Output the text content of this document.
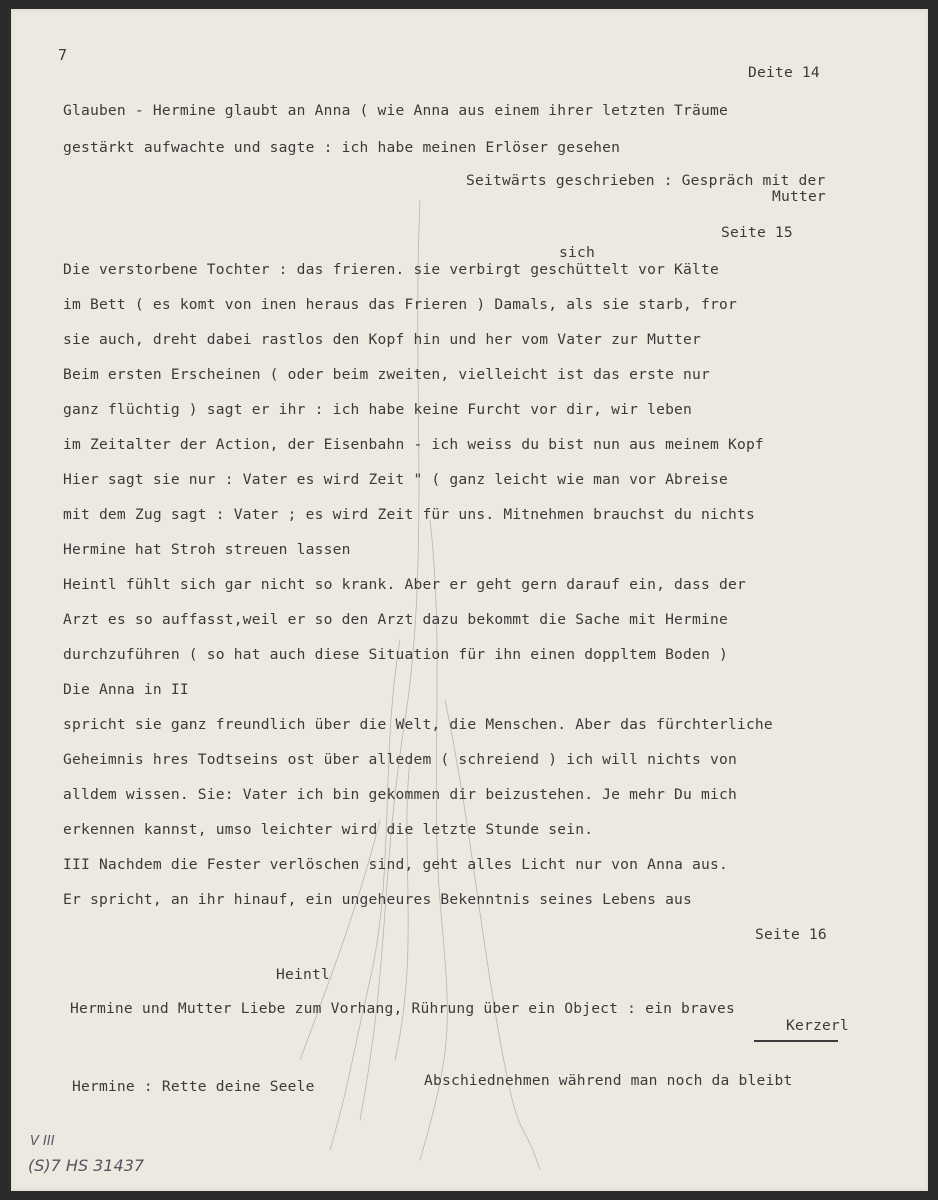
7
Deite 14
Glauben - Hermine glaubt an Anna ( wie Anna aus einem ihrer letzten Träume
gestärkt aufwachte und sagte : ich habe meinen Erlöser gesehen
Seitwärts geschrieben : Gespräch mit der
Mutter
Seite 15
sich
Die verstorbene Tochter : das frieren. sie verbirgt geschüttelt vor Kälte
im Bett ( es komt von inen heraus das Frieren ) Damals, als sie starb, fror
sie auch, dreht dabei rastlos den Kopf hin und her vom Vater zur Mutter
Beim ersten Erscheinen ( oder beim zweiten, vielleicht ist das erste nur
ganz flüchtig ) sagt er ihr : ich habe keine Furcht vor dir, wir leben
im Zeitalter der Action, der Eisenbahn - ich weiss du bist nun aus meinem Kopf
Hier sagt sie nur : Vater es wird Zeit " ( ganz leicht wie man vor Abreise
mit dem Zug sagt : Vater ; es wird Zeit für uns. Mitnehmen brauchst du nichts
Hermine hat Stroh streuen lassen
Heintl fühlt sich gar nicht so krank. Aber er geht gern darauf ein, dass der
Arzt es so auffasst,weil er so den Arzt dazu bekommt die Sache mit Hermine
durchzuführen ( so hat auch diese Situation für ihn einen doppltem Boden )
Die Anna in II
spricht sie ganz freundlich über die Welt, die Menschen. Aber das fürchterliche
Geheimnis hres Todtseins ost über alledem ( schreiend ) ich will nichts von
alldem wissen. Sie: Vater ich bin gekommen dir beizustehen. Je mehr Du mich
erkennen kannst, umso leichter wird die letzte Stunde sein.
III Nachdem die Fester verlöschen sind, geht alles Licht nur von Anna aus.
Er spricht, an ihr hinauf, ein ungeheures Bekenntnis seines Lebens aus
Seite 16
Heintl
Hermine und Mutter Liebe zum Vorhang, Rührung über ein Object : ein braves
Kerzerl
Hermine : Rette deine Seele	Abschiednehmen während man noch da bleibt
V III
(S)7 HS 31437
